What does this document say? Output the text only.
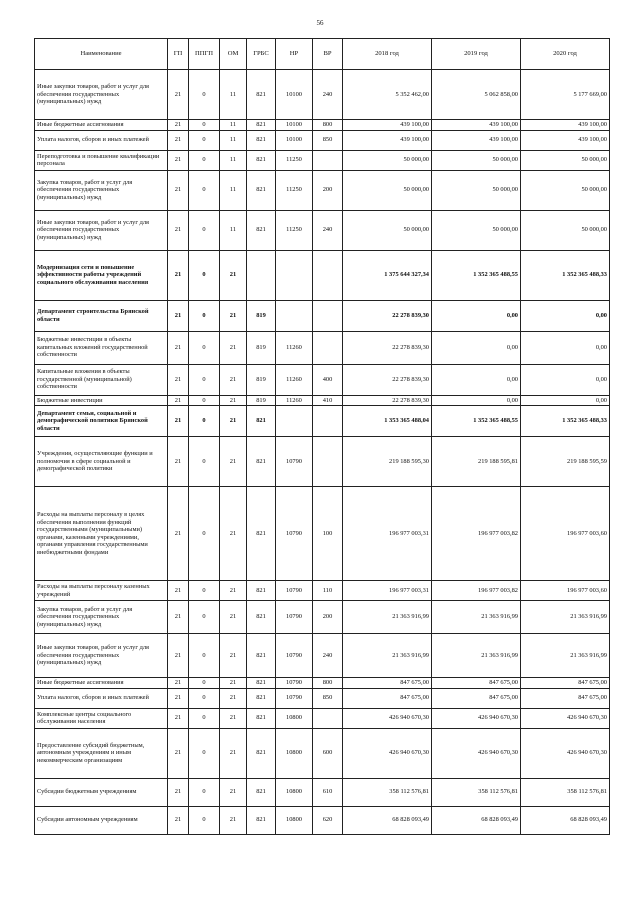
56
Наименование	ГП	ППГП	ОМ	ГРБС	НР	ВР	2018 год	2019 год	2020 год
Иные закупки товаров, работ и услуг для обеспечения государственных (муниципальных) нужд	21	0	11	821	10100	240	5 352 462,00	5 062 858,00	5 177 669,00
Иные бюджетные ассигнования	21	0	11	821	10100	800	439 100,00	439 100,00	439 100,00
Уплата налогов, сборов и иных платежей	21	0	11	821	10100	850	439 100,00	439 100,00	439 100,00
Переподготовка и повышение квалификации персонала	21	0	11	821	11250		50 000,00	50 000,00	50 000,00
Закупка товаров, работ и услуг для обеспечения государственных (муниципальных) нужд	21	0	11	821	11250	200	50 000,00	50 000,00	50 000,00
Иные закупки товаров, работ и услуг для обеспечения государственных (муниципальных) нужд	21	0	11	821	11250	240	50 000,00	50 000,00	50 000,00
Модернизация сети и повышение эффективности работы учреждений социального обслуживания населения	21	0	21				1 375 644 327,34	1 352 365 488,55	1 352 365 488,33
Департамент строительства Брянской области	21	0	21	819			22 278 839,30	0,00	0,00
Бюджетные инвестиции в объекты капитальных вложений государственной собственности	21	0	21	819	11260		22 278 839,30	0,00	0,00
Капитальные вложения в объекты государственной (муниципальной) собственности	21	0	21	819	11260	400	22 278 839,30	0,00	0,00
Бюджетные инвестиции	21	0	21	819	11260	410	22 278 839,30	0,00	0,00
Департамент семьи, социальной и демографической политики Брянской области	21	0	21	821			1 353 365 488,04	1 352 365 488,55	1 352 365 488,33
Учреждения, осуществляющие функции и полномочия в сфере социальной и демографической политики	21	0	21	821	10790		219 188 595,30	219 188 595,81	219 188 595,59
Расходы на выплаты персоналу в целях обеспечения выполнения функций государственными (муниципальными) органами, казенными учреждениями, органами управления государственными внебюджетными фондами	21	0	21	821	10790	100	196 977 003,31	196 977 003,82	196 977 003,60
Расходы на выплаты персоналу казенных учреждений	21	0	21	821	10790	110	196 977 003,31	196 977 003,82	196 977 003,60
Закупка товаров, работ и услуг для обеспечения государственных (муниципальных) нужд	21	0	21	821	10790	200	21 363 916,99	21 363 916,99	21 363 916,99
Иные закупки товаров, работ и услуг для обеспечения государственных (муниципальных) нужд	21	0	21	821	10790	240	21 363 916,99	21 363 916,99	21 363 916,99
Иные бюджетные ассигнования	21	0	21	821	10790	800	847 675,00	847 675,00	847 675,00
Уплата налогов, сборов и иных платежей	21	0	21	821	10790	850	847 675,00	847 675,00	847 675,00
Комплексные центры социального обслуживания населения	21	0	21	821	10800		426 940 670,30	426 940 670,30	426 940 670,30
Предоставление субсидий бюджетным, автономным учреждениям и иным некоммерческим организациям	21	0	21	821	10800	600	426 940 670,30	426 940 670,30	426 940 670,30
Субсидии бюджетным учреждениям	21	0	21	821	10800	610	358 112 576,81	358 112 576,81	358 112 576,81
Субсидии автономным учреждениям	21	0	21	821	10800	620	68 828 093,49	68 828 093,49	68 828 093,49
